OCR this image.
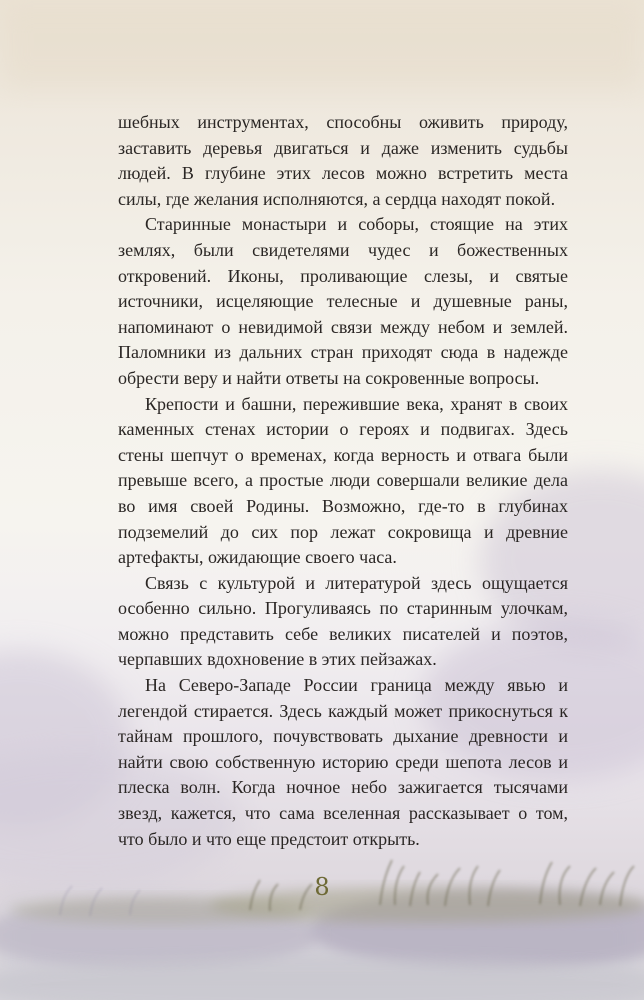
шебных инструментах, способны оживить природу, заставить деревья двигаться и даже изменить судьбы людей. В глубине этих лесов можно встретить места силы, где желания исполняются, а сердца находят покой.

Старинные монастыри и соборы, стоящие на этих землях, были свидетелями чудес и божественных откровений. Иконы, проливающие слезы, и святые источники, исцеляющие телесные и душевные раны, напоминают о невидимой связи между небом и землей. Паломники из дальних стран приходят сюда в надежде обрести веру и найти ответы на сокровенные вопросы.

Крепости и башни, пережившие века, хранят в своих каменных стенах истории о героях и подвигах. Здесь стены шепчут о временах, когда верность и отвага были превыше всего, а простые люди совершали великие дела во имя своей Родины. Возможно, где-то в глубинах подземелий до сих пор лежат сокровища и древние артефакты, ожидающие своего часа.

Связь с культурой и литературой здесь ощущается особенно сильно. Прогуливаясь по старинным улочкам, можно представить себе великих писателей и поэтов, черпавших вдохновение в этих пейзажах.

На Северо-Западе России граница между явью и легендой стирается. Здесь каждый может прикоснуться к тайнам прошлого, почувствовать дыхание древности и найти свою собственную историю среди шепота лесов и плеска волн. Когда ночное небо зажигается тысячами звезд, кажется, что сама вселенная рассказывает о том, что было и что еще предстоит открыть.

8
